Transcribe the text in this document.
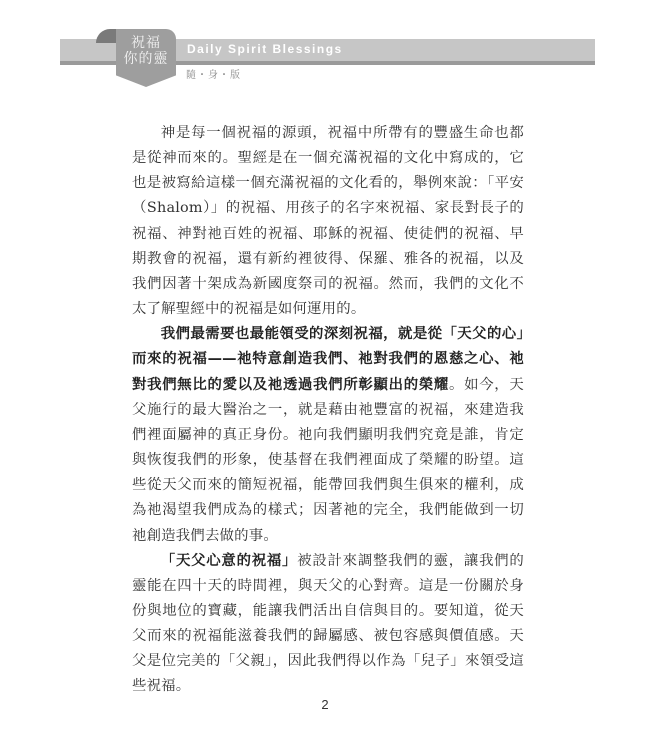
祝福
你的靈
Daily Spirit Blessings
隨・身・版

神是每一個祝福的源頭，祝福中所帶有的豐盛生命也都是從神而來的。聖經是在一個充滿祝福的文化中寫成的，它也是被寫給這樣一個充滿祝福的文化看的，舉例來說：「平安（Shalom）」的祝福、用孩子的名字來祝福、家長對長子的祝福、神對祂百姓的祝福、耶穌的祝福、使徒們的祝福、早期教會的祝福，還有新約裡彼得、保羅、雅各的祝福，以及我們因著十架成為新國度祭司的祝福。然而，我們的文化不太了解聖經中的祝福是如何運用的。

我們最需要也最能領受的深刻祝福，就是從「天父的心」而來的祝福——祂特意創造我們、祂對我們的恩慈之心、祂對我們無比的愛以及祂透過我們所彰顯出的榮耀。如今，天父施行的最大醫治之一，就是藉由祂豐富的祝福，來建造我們裡面屬神的真正身份。祂向我們顯明我們究竟是誰，肯定與恢復我們的形象，使基督在我們裡面成了榮耀的盼望。這些從天父而來的簡短祝福，能帶回我們與生俱來的權利，成為祂渴望我們成為的樣式；因著祂的完全，我們能做到一切祂創造我們去做的事。

「天父心意的祝福」被設計來調整我們的靈，讓我們的靈能在四十天的時間裡，與天父的心對齊。這是一份關於身份與地位的寶藏，能讓我們活出自信與目的。要知道，從天父而來的祝福能滋養我們的歸屬感、被包容感與價值感。天父是位完美的「父親」，因此我們得以作為「兒子」來領受這些祝福。

2
